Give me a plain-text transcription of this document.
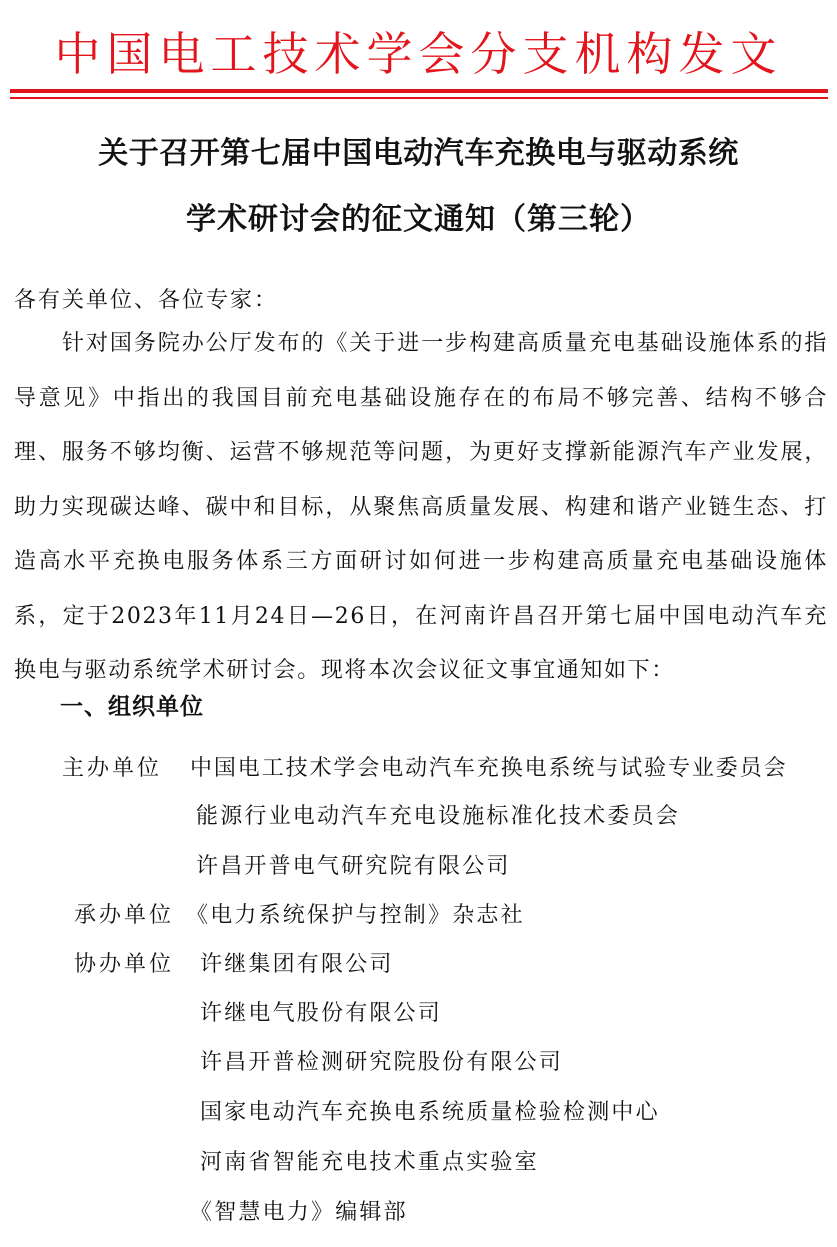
中国电工技术学会分支机构发文
关于召开第七届中国电动汽车充换电与驱动系统
学术研讨会的征文通知（第三轮）
各有关单位、各位专家：
针对国务院办公厅发布的《关于进一步构建高质量充电基础设施体系的指导意见》中指出的我国目前充电基础设施存在的布局不够完善、结构不够合理、服务不够均衡、运营不够规范等问题，为更好支撑新能源汽车产业发展，助力实现碳达峰、碳中和目标，从聚焦高质量发展、构建和谐产业链生态、打造高水平充换电服务体系三方面研讨如何进一步构建高质量充电基础设施体系，定于2023年11月24日—26日，在河南许昌召开第七届中国电动汽车充换电与驱动系统学术研讨会。现将本次会议征文事宜通知如下：
一、组织单位
主办单位 中国电工技术学会电动汽车充换电系统与试验专业委员会
能源行业电动汽车充电设施标准化技术委员会
许昌开普电气研究院有限公司
承办单位 《电力系统保护与控制》杂志社
协办单位 许继集团有限公司
许继电气股份有限公司
许昌开普检测研究院股份有限公司
国家电动汽车充换电系统质量检验检测中心
河南省智能充电技术重点实验室
《智慧电力》编辑部
